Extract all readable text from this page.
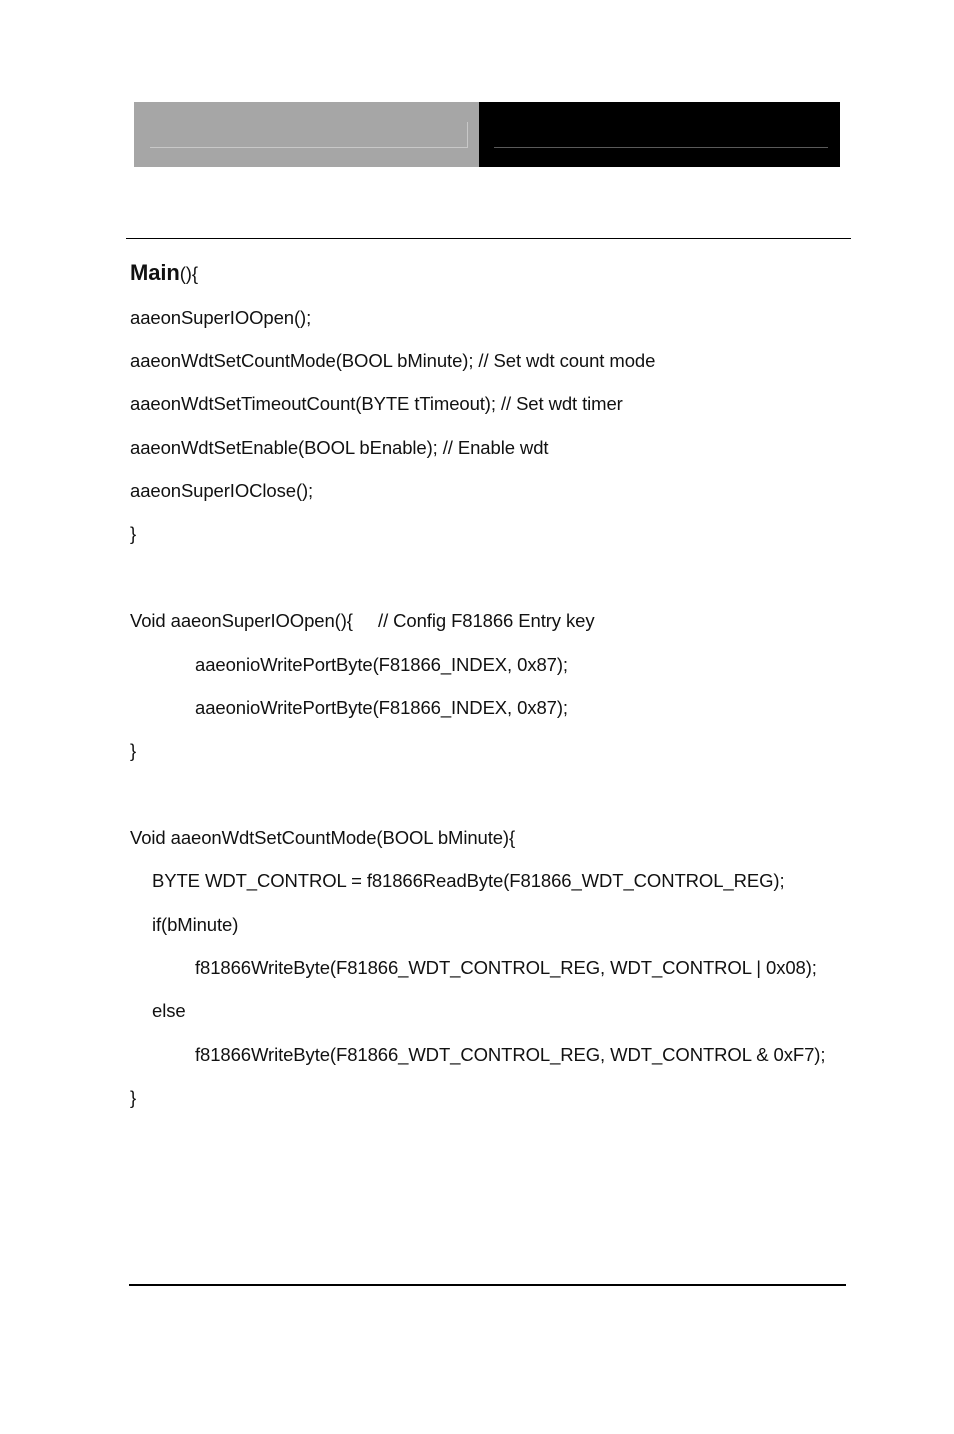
Main(){
aaeonSuperIOOpen();
aaeonWdtSetCountMode(BOOL bMinute); // Set wdt count mode
aaeonWdtSetTimeoutCount(BYTE tTimeout); // Set wdt timer
aaeonWdtSetEnable(BOOL bEnable); // Enable wdt
aaeonSuperIOClose();
}
Void aaeonSuperIOOpen(){     // Config F81866 Entry key
aaeonioWritePortByte(F81866_INDEX, 0x87);
aaeonioWritePortByte(F81866_INDEX, 0x87);
}
Void aaeonWdtSetCountMode(BOOL bMinute){
BYTE WDT_CONTROL = f81866ReadByte(F81866_WDT_CONTROL_REG);
if(bMinute)
f81866WriteByte(F81866_WDT_CONTROL_REG, WDT_CONTROL | 0x08);
else
f81866WriteByte(F81866_WDT_CONTROL_REG, WDT_CONTROL & 0xF7);
}
